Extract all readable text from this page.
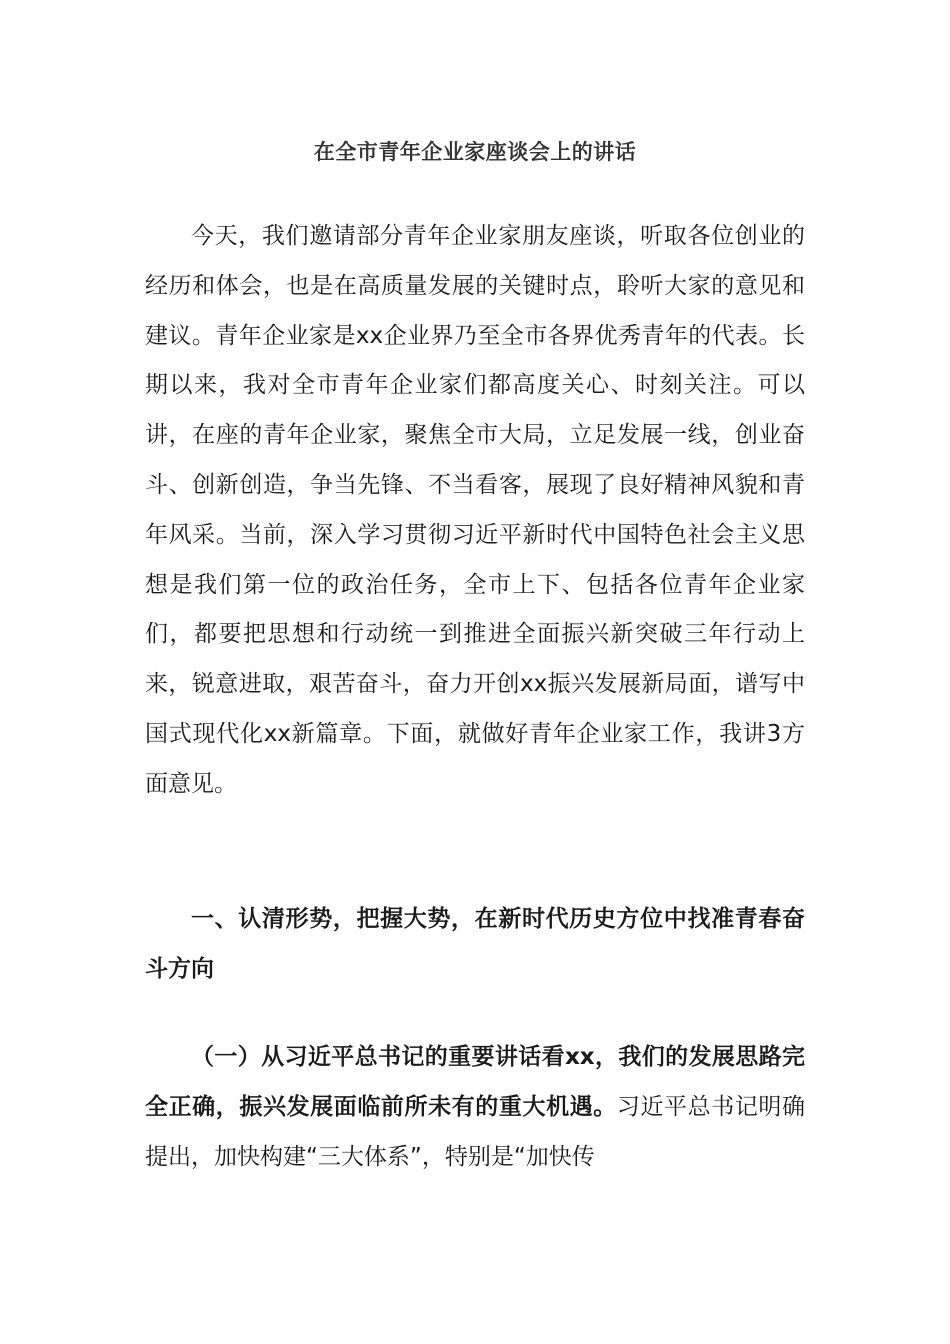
在全市青年企业家座谈会上的讲话

今天，我们邀请部分青年企业家朋友座谈，听取各位创业的经历和体会，也是在高质量发展的关键时点，聆听大家的意见和建议。青年企业家是xx企业界乃至全市各界优秀青年的代表。长期以来，我对全市青年企业家们都高度关心、时刻关注。可以讲，在座的青年企业家，聚焦全市大局，立足发展一线，创业奋斗、创新创造，争当先锋、不当看客，展现了良好精神风貌和青年风采。当前，深入学习贯彻习近平新时代中国特色社会主义思想是我们第一位的政治任务，全市上下、包括各位青年企业家们，都要把思想和行动统一到推进全面振兴新突破三年行动上来，锐意进取，艰苦奋斗，奋力开创xx振兴发展新局面，谱写中国式现代化xx新篇章。下面，就做好青年企业家工作，我讲3方面意见。

一、认清形势，把握大势，在新时代历史方位中找准青春奋斗方向

（一）从习近平总书记的重要讲话看xx，我们的发展思路完全正确，振兴发展面临前所未有的重大机遇。习近平总书记明确提出，加快构建“三大体系”，特别是“加快传
